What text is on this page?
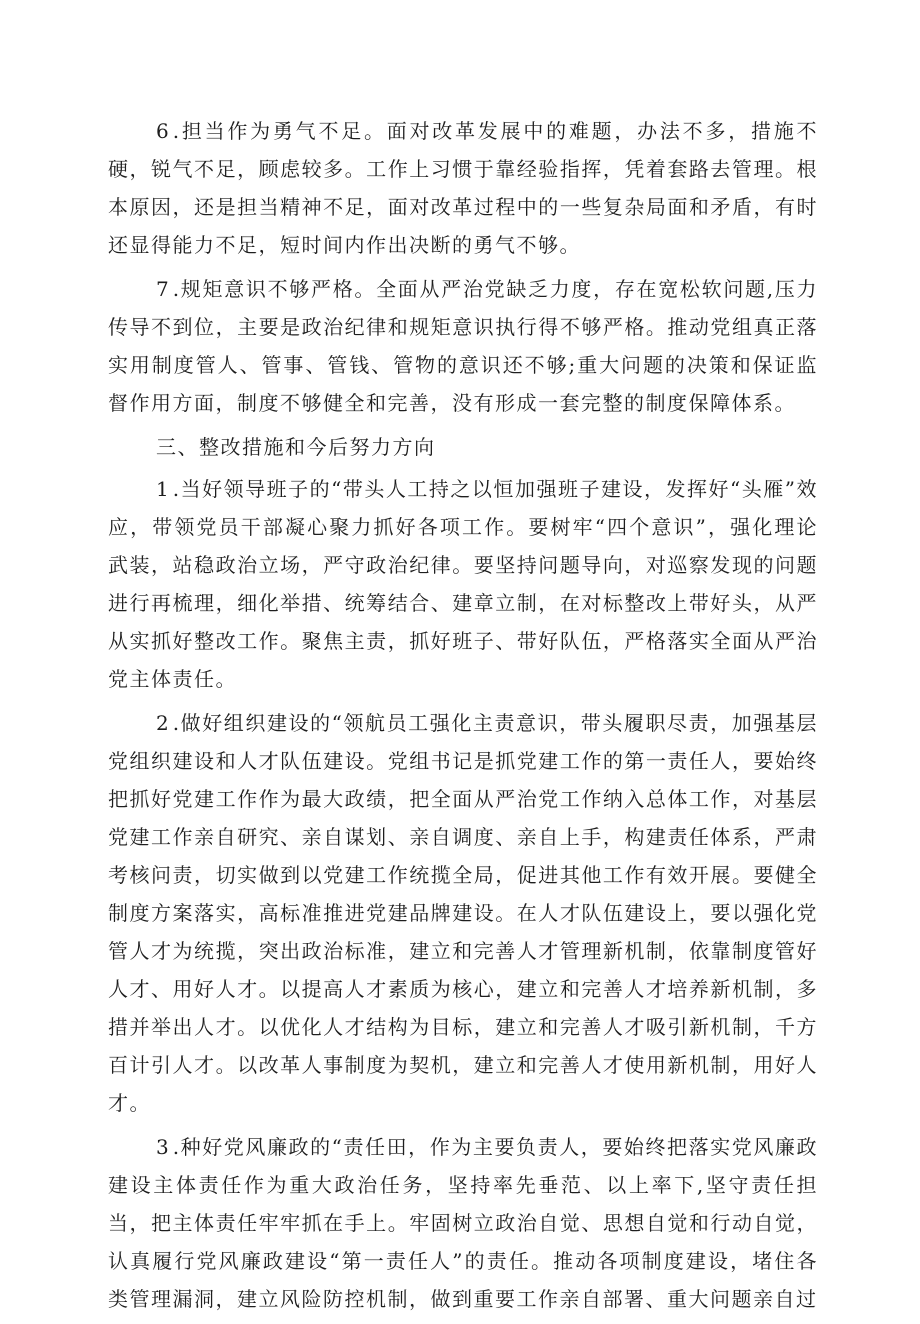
6.担当作为勇气不足。面对改革发展中的难题，办法不多，措施不硬，锐气不足，顾虑较多。工作上习惯于靠经验指挥，凭着套路去管理。根本原因，还是担当精神不足，面对改革过程中的一些复杂局面和矛盾，有时还显得能力不足，短时间内作出决断的勇气不够。

7.规矩意识不够严格。全面从严治党缺乏力度，存在宽松软问题,压力传导不到位，主要是政治纪律和规矩意识执行得不够严格。推动党组真正落实用制度管人、管事、管钱、管物的意识还不够;重大问题的决策和保证监督作用方面，制度不够健全和完善，没有形成一套完整的制度保障体系。

三、整改措施和今后努力方向

1.当好领导班子的“带头人工持之以恒加强班子建设，发挥好“头雁”效应，带领党员干部凝心聚力抓好各项工作。要树牢“四个意识”，强化理论武装，站稳政治立场，严守政治纪律。要坚持问题导向，对巡察发现的问题进行再梳理，细化举措、统筹结合、建章立制，在对标整改上带好头，从严从实抓好整改工作。聚焦主责，抓好班子、带好队伍，严格落实全面从严治党主体责任。

2.做好组织建设的“领航员工强化主责意识，带头履职尽责，加强基层党组织建设和人才队伍建设。党组书记是抓党建工作的第一责任人，要始终把抓好党建工作作为最大政绩，把全面从严治党工作纳入总体工作，对基层党建工作亲自研究、亲自谋划、亲自调度、亲自上手，构建责任体系，严肃考核问责，切实做到以党建工作统揽全局，促进其他工作有效开展。要健全制度方案落实，高标准推进党建品牌建设。在人才队伍建设上，要以强化党管人才为统揽，突出政治标准，建立和完善人才管理新机制，依靠制度管好人才、用好人才。以提高人才素质为核心，建立和完善人才培养新机制，多措并举出人才。以优化人才结构为目标，建立和完善人才吸引新机制，千方百计引人才。以改革人事制度为契机，建立和完善人才使用新机制，用好人才。

3.种好党风廉政的“责任田，作为主要负责人，要始终把落实党风廉政建设主体责任作为重大政治任务，坚持率先垂范、以上率下,坚守责任担当，把主体责任牢牢抓在手上。牢固树立政治自觉、思想自觉和行动自觉，认真履行党风廉政建设“第一责任人”的责任。推动各项制度建设，堵住各类管理漏洞，建立风险防控机制，做到重要工作亲自部署、重大问题亲自过
